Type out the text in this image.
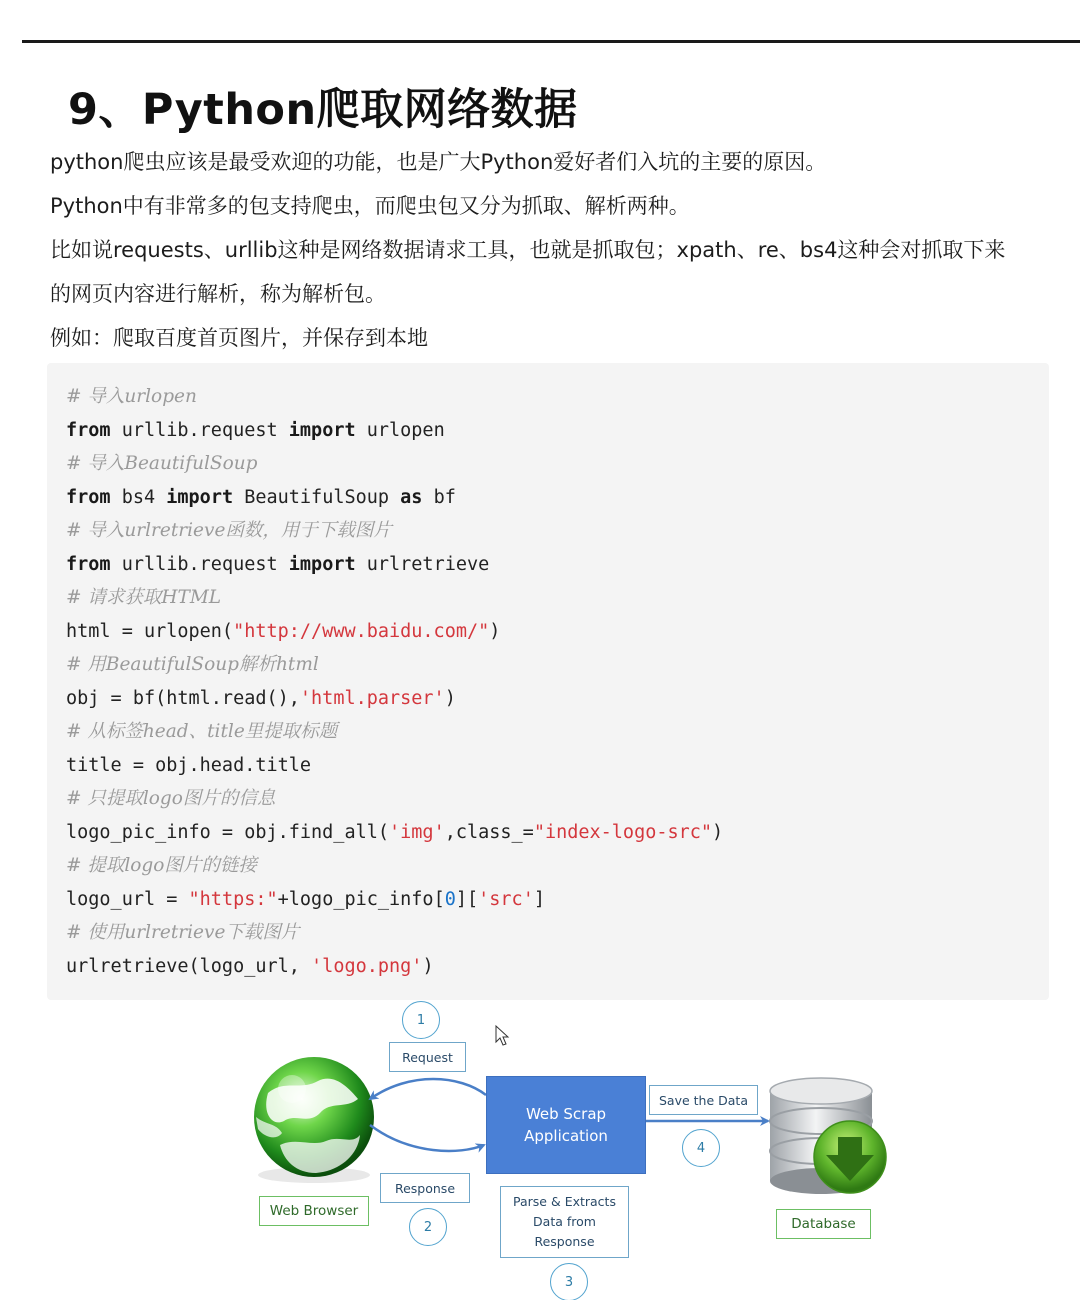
9、Python爬取网络数据

python爬虫应该是最受欢迎的功能，也是广大Python爱好者们入坑的主要的原因。

Python中有非常多的包支持爬虫，而爬虫包又分为抓取、解析两种。

比如说requests、urllib这种是网络数据请求工具，也就是抓取包；xpath、re、bs4这种会对抓取下来

的网页内容进行解析，称为解析包。

例如：爬取百度首页图片，并保存到本地

# 导入urlopen
from urllib.request import urlopen
# 导入BeautifulSoup
from bs4 import BeautifulSoup as bf
# 导入urlretrieve函数，用于下载图片
from urllib.request import urlretrieve
# 请求获取HTML
html = urlopen("http://www.baidu.com/")
# 用BeautifulSoup解析html
obj = bf(html.read(),'html.parser')
# 从标签head、title里提取标题
title = obj.head.title
# 只提取logo图片的信息
logo_pic_info = obj.find_all('img',class_="index-logo-src")
# 提取logo图片的链接
logo_url = "https:"+logo_pic_info[0]['src']
# 使用urlretrieve下载图片
urlretrieve(logo_url, 'logo.png')
1
Request
Web Scrap
Application
Save the Data
4
Response
2
Web Browser
Parse & Extracts
Data from
Response
3
Database
